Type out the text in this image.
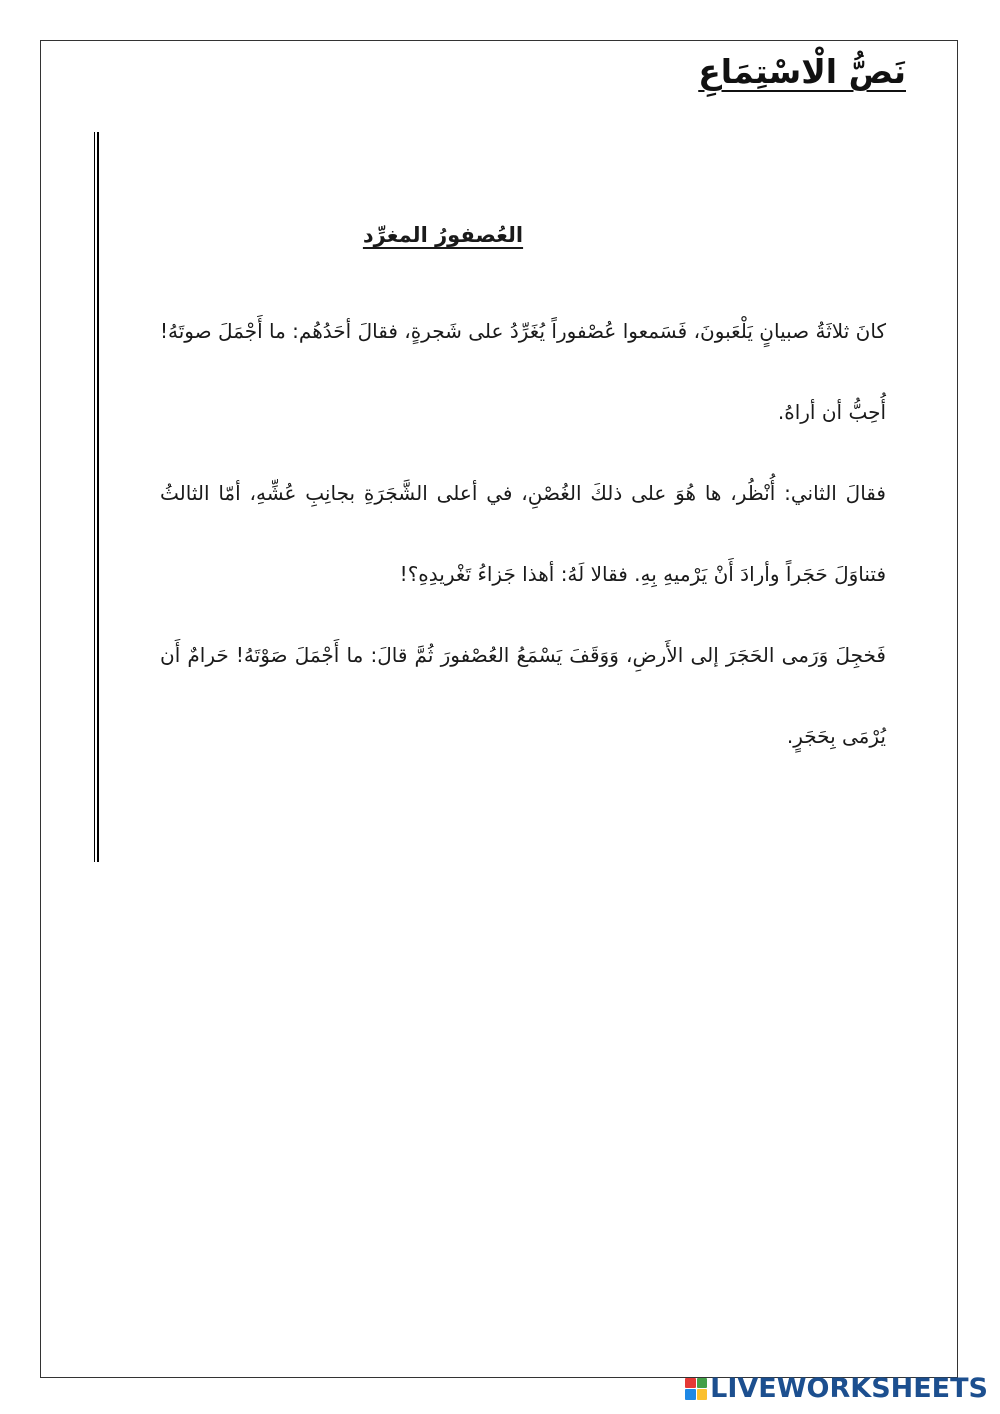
نَصُّ الْاسْتِمَاعِ
العُصفورُ المغرِّد

كانَ ثلاثَةُ صبيانٍ يَلْعَبونَ، فَسَمعوا عُصْفوراً يُغَرِّدُ على شَجرةٍ، فقالَ أحَدُهُم: ما أَجْمَلَ صوتَهُ! أُحِبُّ أن أراهُ.

فقالَ الثاني: أُنْظُر، ها هُوَ على ذلكَ الغُصْنِ، في أعلى الشَّجَرَةِ بجانِبِ عُشِّهِ، أمّا الثالثُ فتناوَلَ حَجَراً وأرادَ أَنْ يَرْميهِ بِهِ. فقالا لَهُ: أهذا جَزاءُ تَغْريدِهِ؟!

فَخجِلَ وَرَمى الحَجَرَ إلى الأَرضِ، وَوَقَفَ يَسْمَعُ العُصْفورَ ثُمَّ قالَ: ما أَجْمَلَ صَوْتَهُ! حَرامٌ أَن يُرْمَى بِحَجَرٍ.

LIVEWORKSHEETS
